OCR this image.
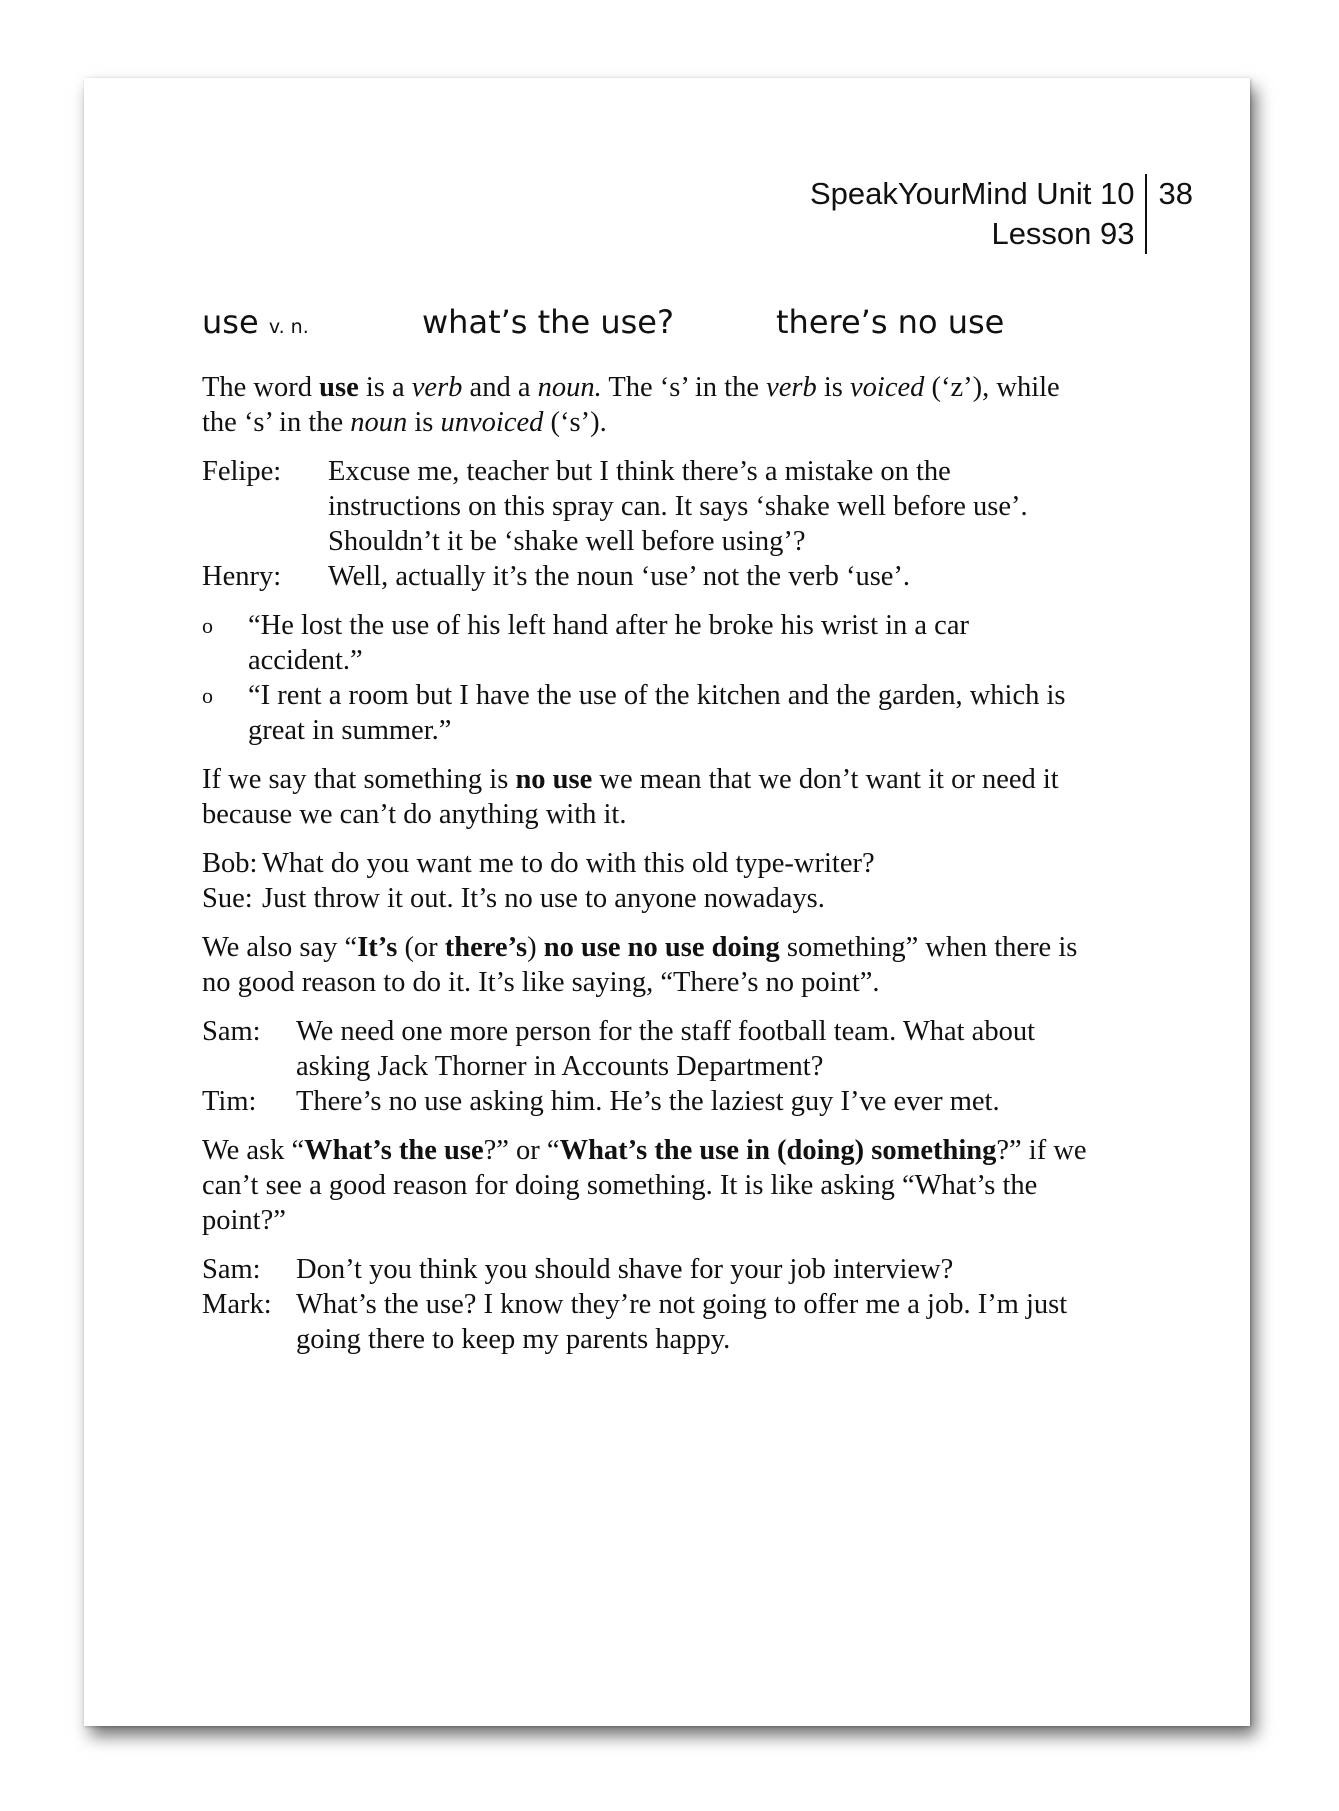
SpeakYourMind Unit 10
Lesson 93
38
use v. n.	what’s the use?	there’s no use

The word use is a verb and a noun. The ‘s’ in the verb is voiced (‘z’), while the ‘s’ in the noun is unvoiced (‘s’).

Felipe:	Excuse me, teacher but I think there’s a mistake on the instructions on this spray can. It says ‘shake well before use’. Shouldn’t it be ‘shake well before using’?
Henry:	Well, actually it’s the noun ‘use’ not the verb ‘use’.
o	“He lost the use of his left hand after he broke his wrist in a car accident.”
o	“I rent a room but I have the use of the kitchen and the garden, which is great in summer.”

If we say that something is no use we mean that we don’t want it or need it because we can’t do anything with it.

Bob: What do you want me to do with this old type-writer?
Sue: Just throw it out. It’s no use to anyone nowadays.

We also say “It’s (or there’s) no use no use doing something” when there is no good reason to do it. It’s like saying, “There’s no point”.

Sam:	We need one more person for the staff football team. What about asking Jack Thorner in Accounts Department?
Tim:	There’s no use asking him. He’s the laziest guy I’ve ever met.

We ask “What’s the use?” or “What’s the use in (doing) something?” if we can’t see a good reason for doing something. It is like asking “What’s the point?”

Sam:	Don’t you think you should shave for your job interview?
Mark: What’s the use? I know they’re not going to offer me a job. I’m just going there to keep my parents happy.
